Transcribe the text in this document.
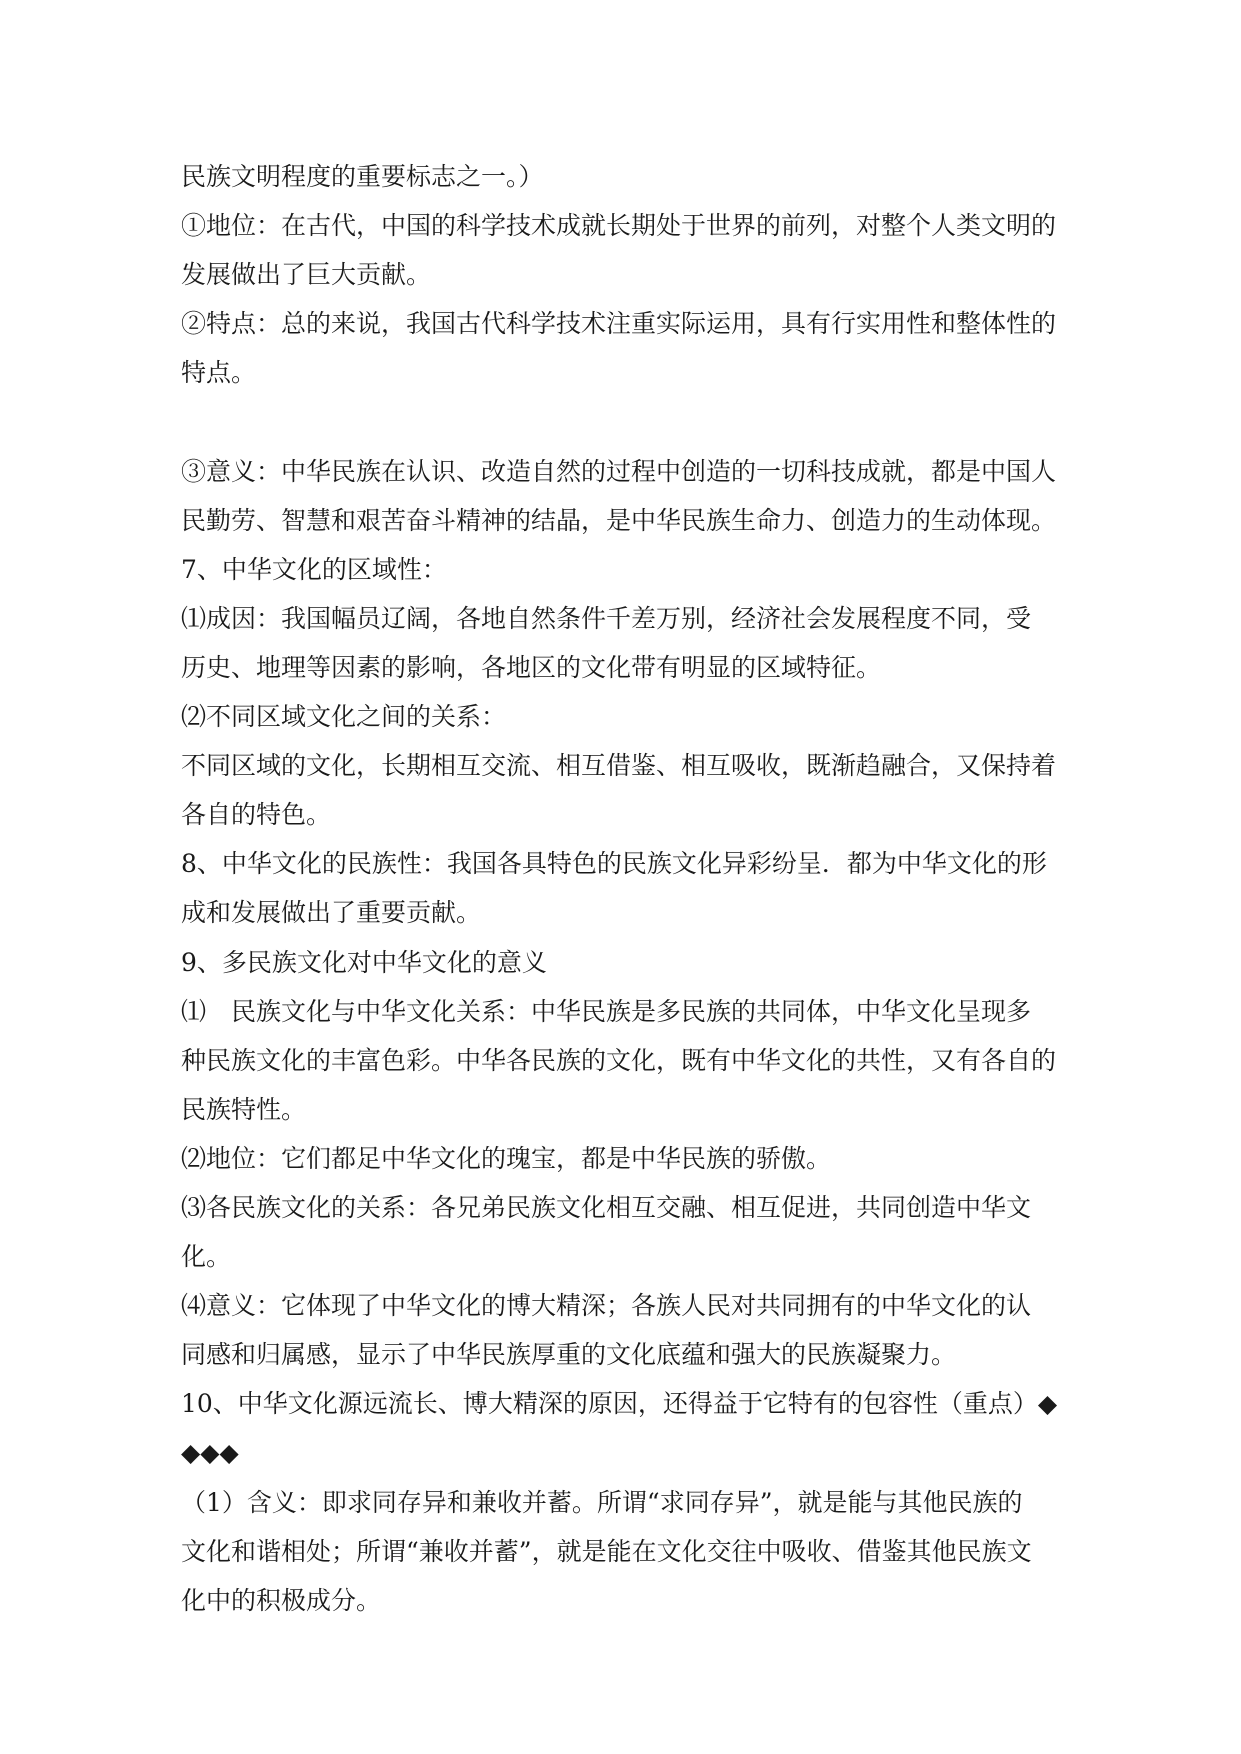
民族文明程度的重要标志之一。）
①地位：在古代，中国的科学技术成就长期处于世界的前列，对整个人类文明的
发展做出了巨大贡献。
②特点：总的来说，我国古代科学技术注重实际运用，具有行实用性和整体性的
特点。
③意义：中华民族在认识、改造自然的过程中创造的一切科技成就，都是中国人
民勤劳、智慧和艰苦奋斗精神的结晶，是中华民族生命力、创造力的生动体现。
7、中华文化的区域性：
⑴成因：我国幅员辽阔，各地自然条件千差万别，经济社会发展程度不同，受
历史、地理等因素的影响，各地区的文化带有明显的区域特征。
⑵不同区域文化之间的关系：
不同区域的文化，长期相互交流、相互借鉴、相互吸收，既渐趋融合，又保持着
各自的特色。
8、中华文化的民族性：我国各具特色的民族文化异彩纷呈．都为中华文化的形
成和发展做出了重要贡献。
9、多民族文化对中华文化的意义
⑴　民族文化与中华文化关系：中华民族是多民族的共同体，中华文化呈现多
种民族文化的丰富色彩。中华各民族的文化，既有中华文化的共性，又有各自的
民族特性。
⑵地位：它们都足中华文化的瑰宝，都是中华民族的骄傲。
⑶各民族文化的关系：各兄弟民族文化相互交融、相互促进，共同创造中华文
化。
⑷意义：它体现了中华文化的博大精深；各族人民对共同拥有的中华文化的认
同感和归属感，显示了中华民族厚重的文化底蕴和强大的民族凝聚力。
10、中华文化源远流长、博大精深的原因，还得益于它特有的包容性（重点）◆
◆◆◆
（1）含义：即求同存异和兼收并蓄。所谓“求同存异”，就是能与其他民族的
文化和谐相处；所谓“兼收并蓄”，就是能在文化交往中吸收、借鉴其他民族文
化中的积极成分。
